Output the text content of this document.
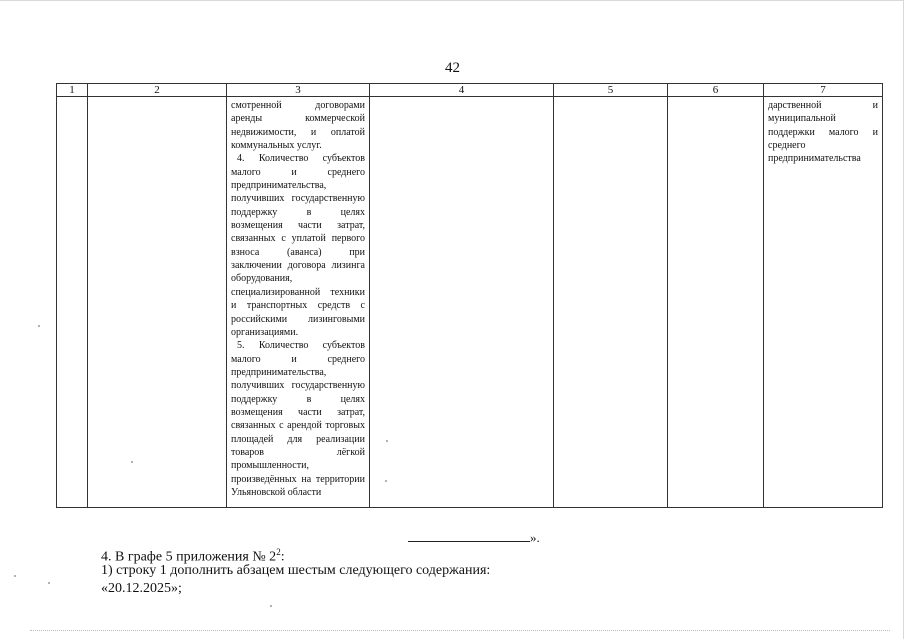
42
1	2	3	4	5	6	7

		смотренной договорами аренды коммерческой недвижимости, и оплатой коммунальных услуг.

4. Количество субъектов малого и среднего предпринимательства, получивших государственную поддержку в целях возмещения части затрат, связанных с уплатой первого взноса (аванса) при заключении договора лизинга оборудования, специализированной техники и транспортных средств с российскими лизинговыми организациями.

5. Количество субъектов малого и среднего предпринимательства, получивших государственную поддержку в целях возмещения части затрат, связанных с арендой торговых площадей для реализации товаров лёгкой промышленности, произведённых на территории Ульяновской области				дарственной и муниципальной поддержки малого и среднего предпринимательства

».
4. В графе 5 приложения № $2^2$:
1) строку 1 дополнить абзацем шестым следующего содержания:
«20.12.2025»;
